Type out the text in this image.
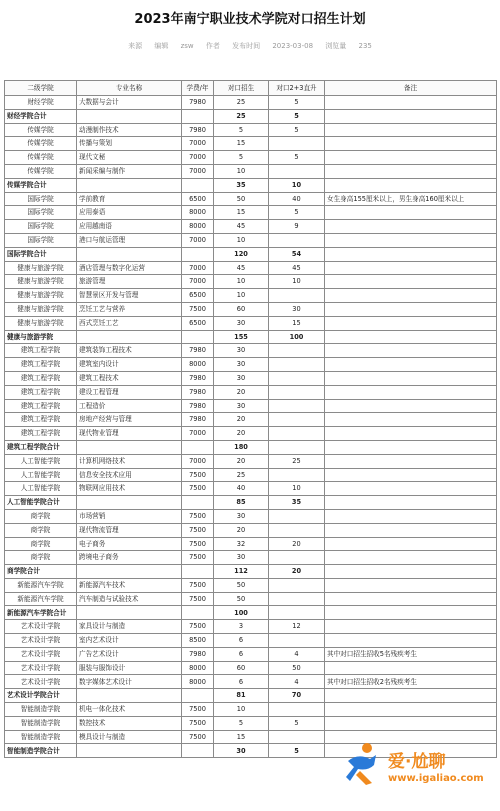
2023年南宁职业技术学院对口招生计划
来源 编辑 zsw 作者 发布时间 2023-03-08 浏览量 235
二级学院	专业名称	学费/年	对口招生	对口2+3直升	备注
财经学院	大数据与会计	7980	25	5	
财经学院合计			25	5	
传媒学院	动漫制作技术	7980	5	5	
传媒学院	传播与策划	7000	15		
传媒学院	现代文秘	7000	5	5	
传媒学院	新闻采编与制作	7000	10		
传媒学院合计			35	10	
国际学院	学前教育	6500	50	40	女生身高155厘米以上，男生身高160厘米以上
国际学院	应用泰语	8000	15	5	
国际学院	应用越南语	8000	45	9	
国际学院	港口与航运管理	7000	10		
国际学院合计			120	54	
健康与旅游学院	酒店管理与数字化运营	7000	45	45	
健康与旅游学院	旅游管理	7000	10	10	
健康与旅游学院	智慧景区开发与管理	6500	10		
健康与旅游学院	烹饪工艺与营养	7500	60	30	
健康与旅游学院	西式烹饪工艺	6500	30	15	
健康与旅游学院			155	100	
建筑工程学院	建筑装饰工程技术	7980	30		
建筑工程学院	建筑室内设计	8000	30		
建筑工程学院	建筑工程技术	7980	30		
建筑工程学院	建设工程管理	7980	20		
建筑工程学院	工程造价	7980	30		
建筑工程学院	房地产经营与管理	7980	20		
建筑工程学院	现代物业管理	7000	20		
建筑工程学院合计			180		
人工智能学院	计算机网络技术	7000	20	25	
人工智能学院	信息安全技术应用	7500	25		
人工智能学院	物联网应用技术	7500	40	10	
人工智能学院合计			85	35	
商学院	市场营销	7500	30		
商学院	现代物流管理	7500	20		
商学院	电子商务	7500	32	20	
商学院	跨境电子商务	7500	30		
商学院合计			112	20	
新能源汽车学院	新能源汽车技术	7500	50		
新能源汽车学院	汽车制造与试验技术	7500	50		
新能源汽车学院合计			100		
艺术设计学院	家具设计与制造	7500	3	12	
艺术设计学院	室内艺术设计	8500	6		
艺术设计学院	广告艺术设计	7980	6	4	其中对口招生招收5名残疾考生
艺术设计学院	服装与服饰设计	8000	60	50	
艺术设计学院	数字媒体艺术设计	8000	6	4	其中对口招生招收2名残疾考生
艺术设计学院合计			81	70	
智能制造学院	机电一体化技术	7500	10		
智能制造学院	数控技术	7500	5	5	
智能制造学院	模具设计与制造	7500	15		
智能制造学院合计			30	5	
爱·尬聊
www.igaliao.com
